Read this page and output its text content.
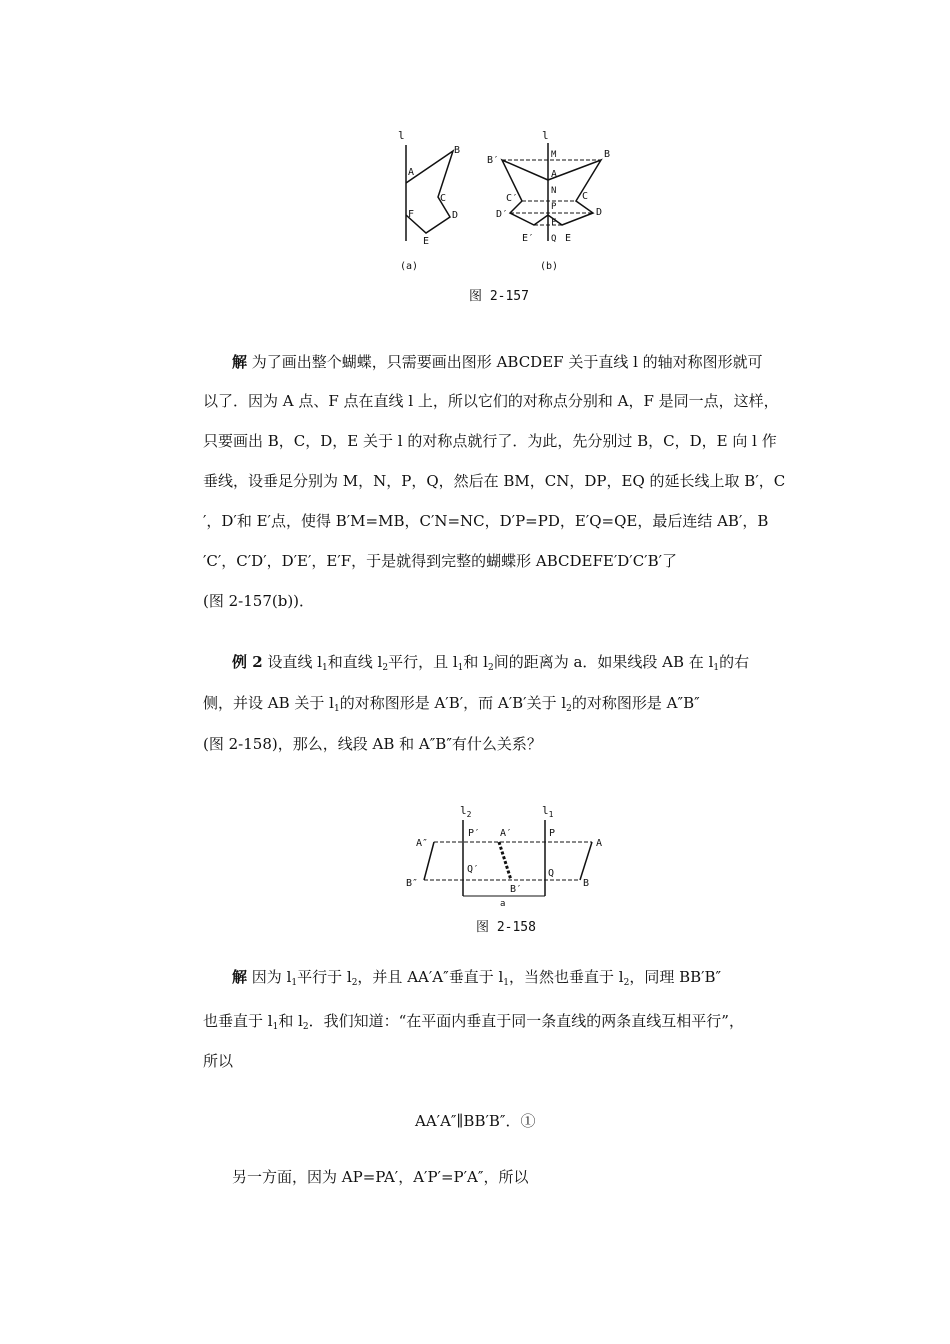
l
B
A
C
D
F
E
(a)
l
B′
B
M
A
N
C′	C
P
D′	D
F
E′	E
Q
(b)
图 2-157
解 为了画出整个蝴蝶，只需要画出图形 ABCDEF 关于直线 l 的轴对称图形就可
以了．因为 A 点、F 点在直线 l 上，所以它们的对称点分别和 A，F 是同一点，这样，
只要画出 B，C，D，E 关于 l 的对称点就行了．为此，先分别过 B，C，D，E 向 l 作
垂线，设垂足分别为 M，N，P，Q，然后在 BM，CN，DP，EQ 的延长线上取 B′，C
′，D′和 E′点，使得 B′M=MB，C′N=NC，D′P=PD，E′Q=QE，最后连结 AB′，B
′C′，C′D′，D′E′，E′F，于是就得到完整的蝴蝶形 ABCDEFE′D′C′B′了
(图 2-157(b))．
例 2 设直线 $l_1$和直线 $l_2$平行，且 $l_1$和 $l_2$间的距离为 a．如果线段 AB 在 $l_1$的右
侧，并设 AB 关于 $l_1$的对称图形是 A′B′，而 A′B′关于 $l_2$的对称图形是 A″B″
(图 2-158)，那么，线段 AB 和 A″B″有什么关系？
$l_2$	$l_1$
P′ A′	P
A″	A
Q′	Q
B″
B′
B
a
图 2-158
解 因为 $l_1$平行于 $l_2$，并且 AA′A″垂直于 $l_1$，当然也垂直于 $l_2$，同理 BB′B″
也垂直于 $l_1$和 $l_2$．我们知道：“在平面内垂直于同一条直线的两条直线互相平行”，
所以
AA′A″∥BB′B″．①
另一方面，因为 AP=PA′，A′P′=P′A″，所以
